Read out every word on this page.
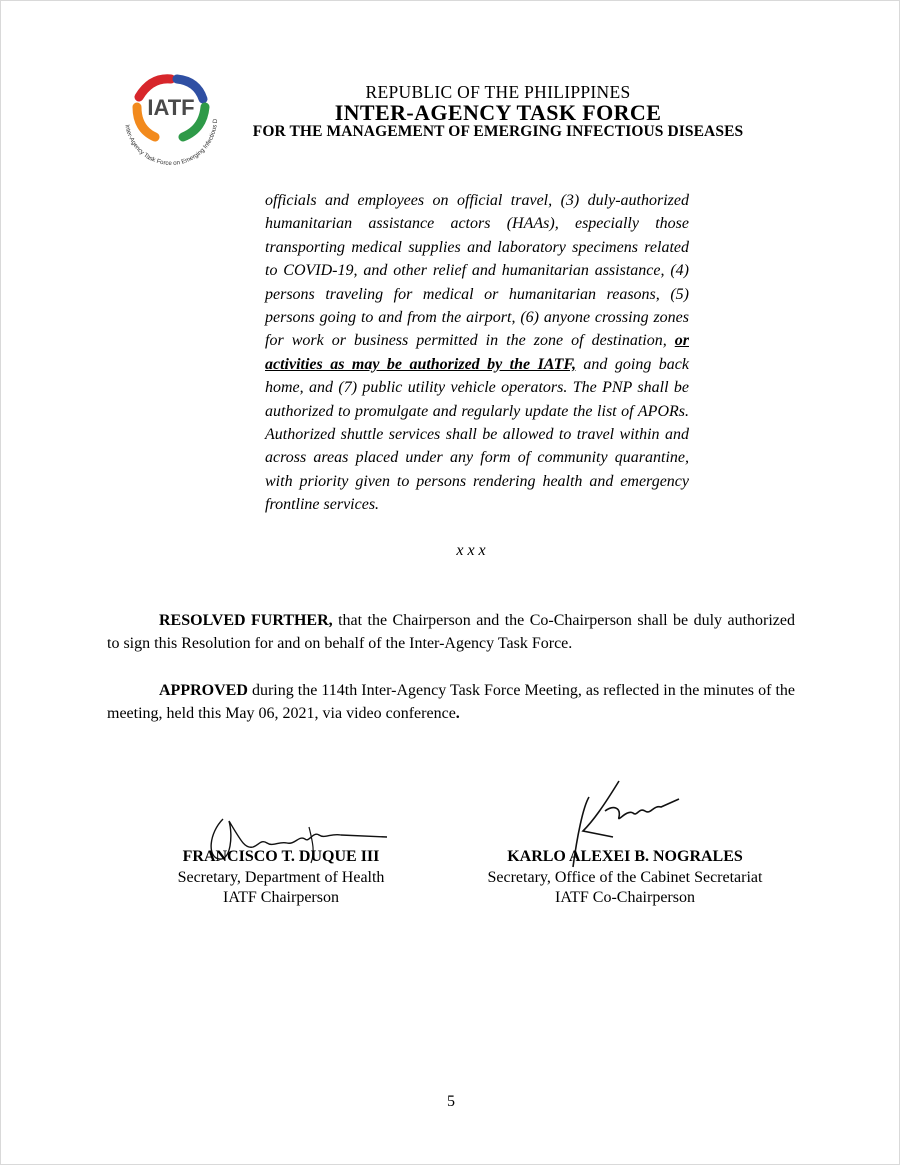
IATF
Inter-Agency Task Force on Emerging Infectious D
REPUBLIC OF THE PHILIPPINES
INTER-AGENCY TASK FORCE
FOR THE MANAGEMENT OF EMERGING INFECTIOUS DISEASES
officials and employees on official travel, (3) duly-authorized humanitarian assistance actors (HAAs), especially those transporting medical supplies and laboratory specimens related to COVID-19, and other relief and humanitarian assistance, (4) persons traveling for medical or humanitarian reasons, (5) persons going to and from the airport, (6) anyone crossing zones for work or business permitted in the zone of destination, or activities as may be authorized by the IATF, and going back home, and (7) public utility vehicle operators. The PNP shall be authorized to promulgate and regularly update the list of APORs. Authorized shuttle services shall be allowed to travel within and across areas placed under any form of community quarantine, with priority given to persons rendering health and emergency frontline services.
x x x
RESOLVED FURTHER, that the Chairperson and the Co-Chairperson shall be duly authorized to sign this Resolution for and on behalf of the Inter-Agency Task Force.
APPROVED during the 114th Inter-Agency Task Force Meeting, as reflected in the minutes of the meeting, held this May 06, 2021, via video conference.
FRANCISCO T. DUQUE III
Secretary, Department of Health
IATF Chairperson
KARLO ALEXEI B. NOGRALES
Secretary, Office of the Cabinet Secretariat
IATF Co-Chairperson
5
